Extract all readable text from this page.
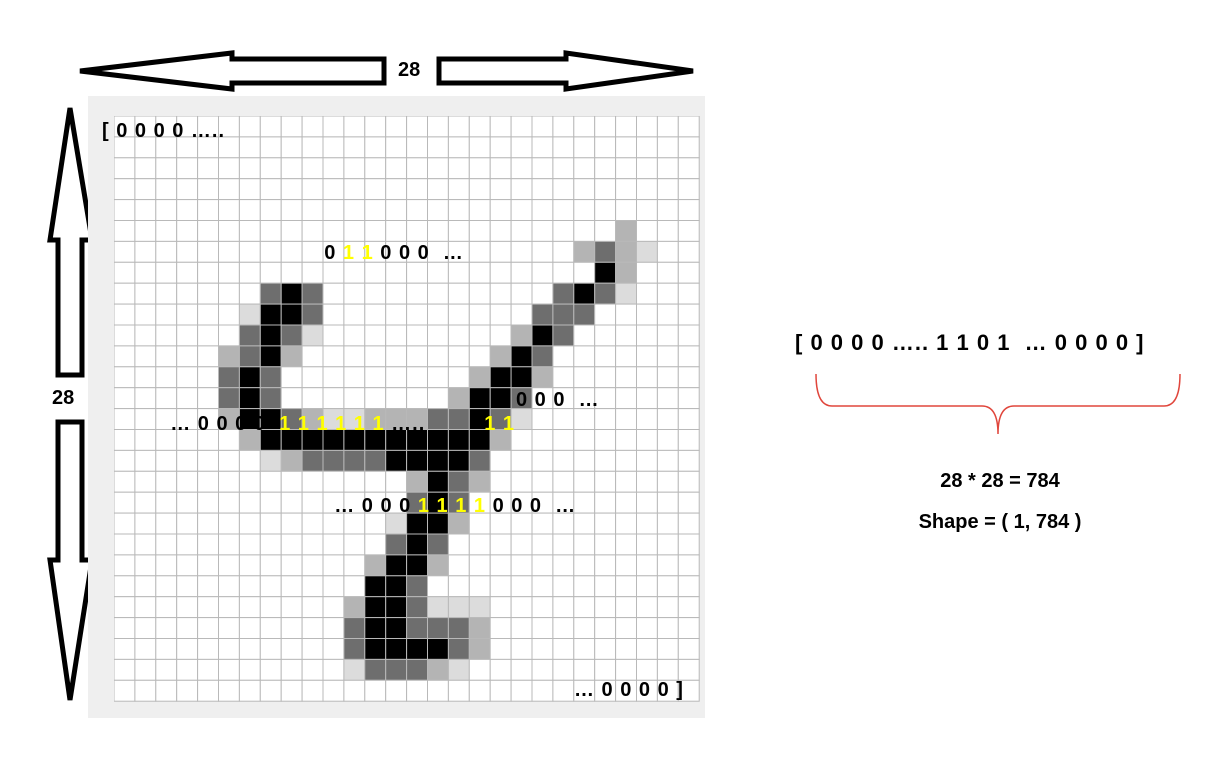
28
28
[ 0 0 0 0 …..

0 1 1 0 0 0  …

… 0 0 0 0  1 1 1 1 1 1 …..
	1 1

0 0 0  …

… 0 0 0 1 1 1 1 0 0 0  …

… 0 0 0 0 ]
[ 0 0 0 0 ….. 1 1 0 1  … 0 0 0 0 ]
28 * 28 = 784
Shape = ( 1, 784 )
